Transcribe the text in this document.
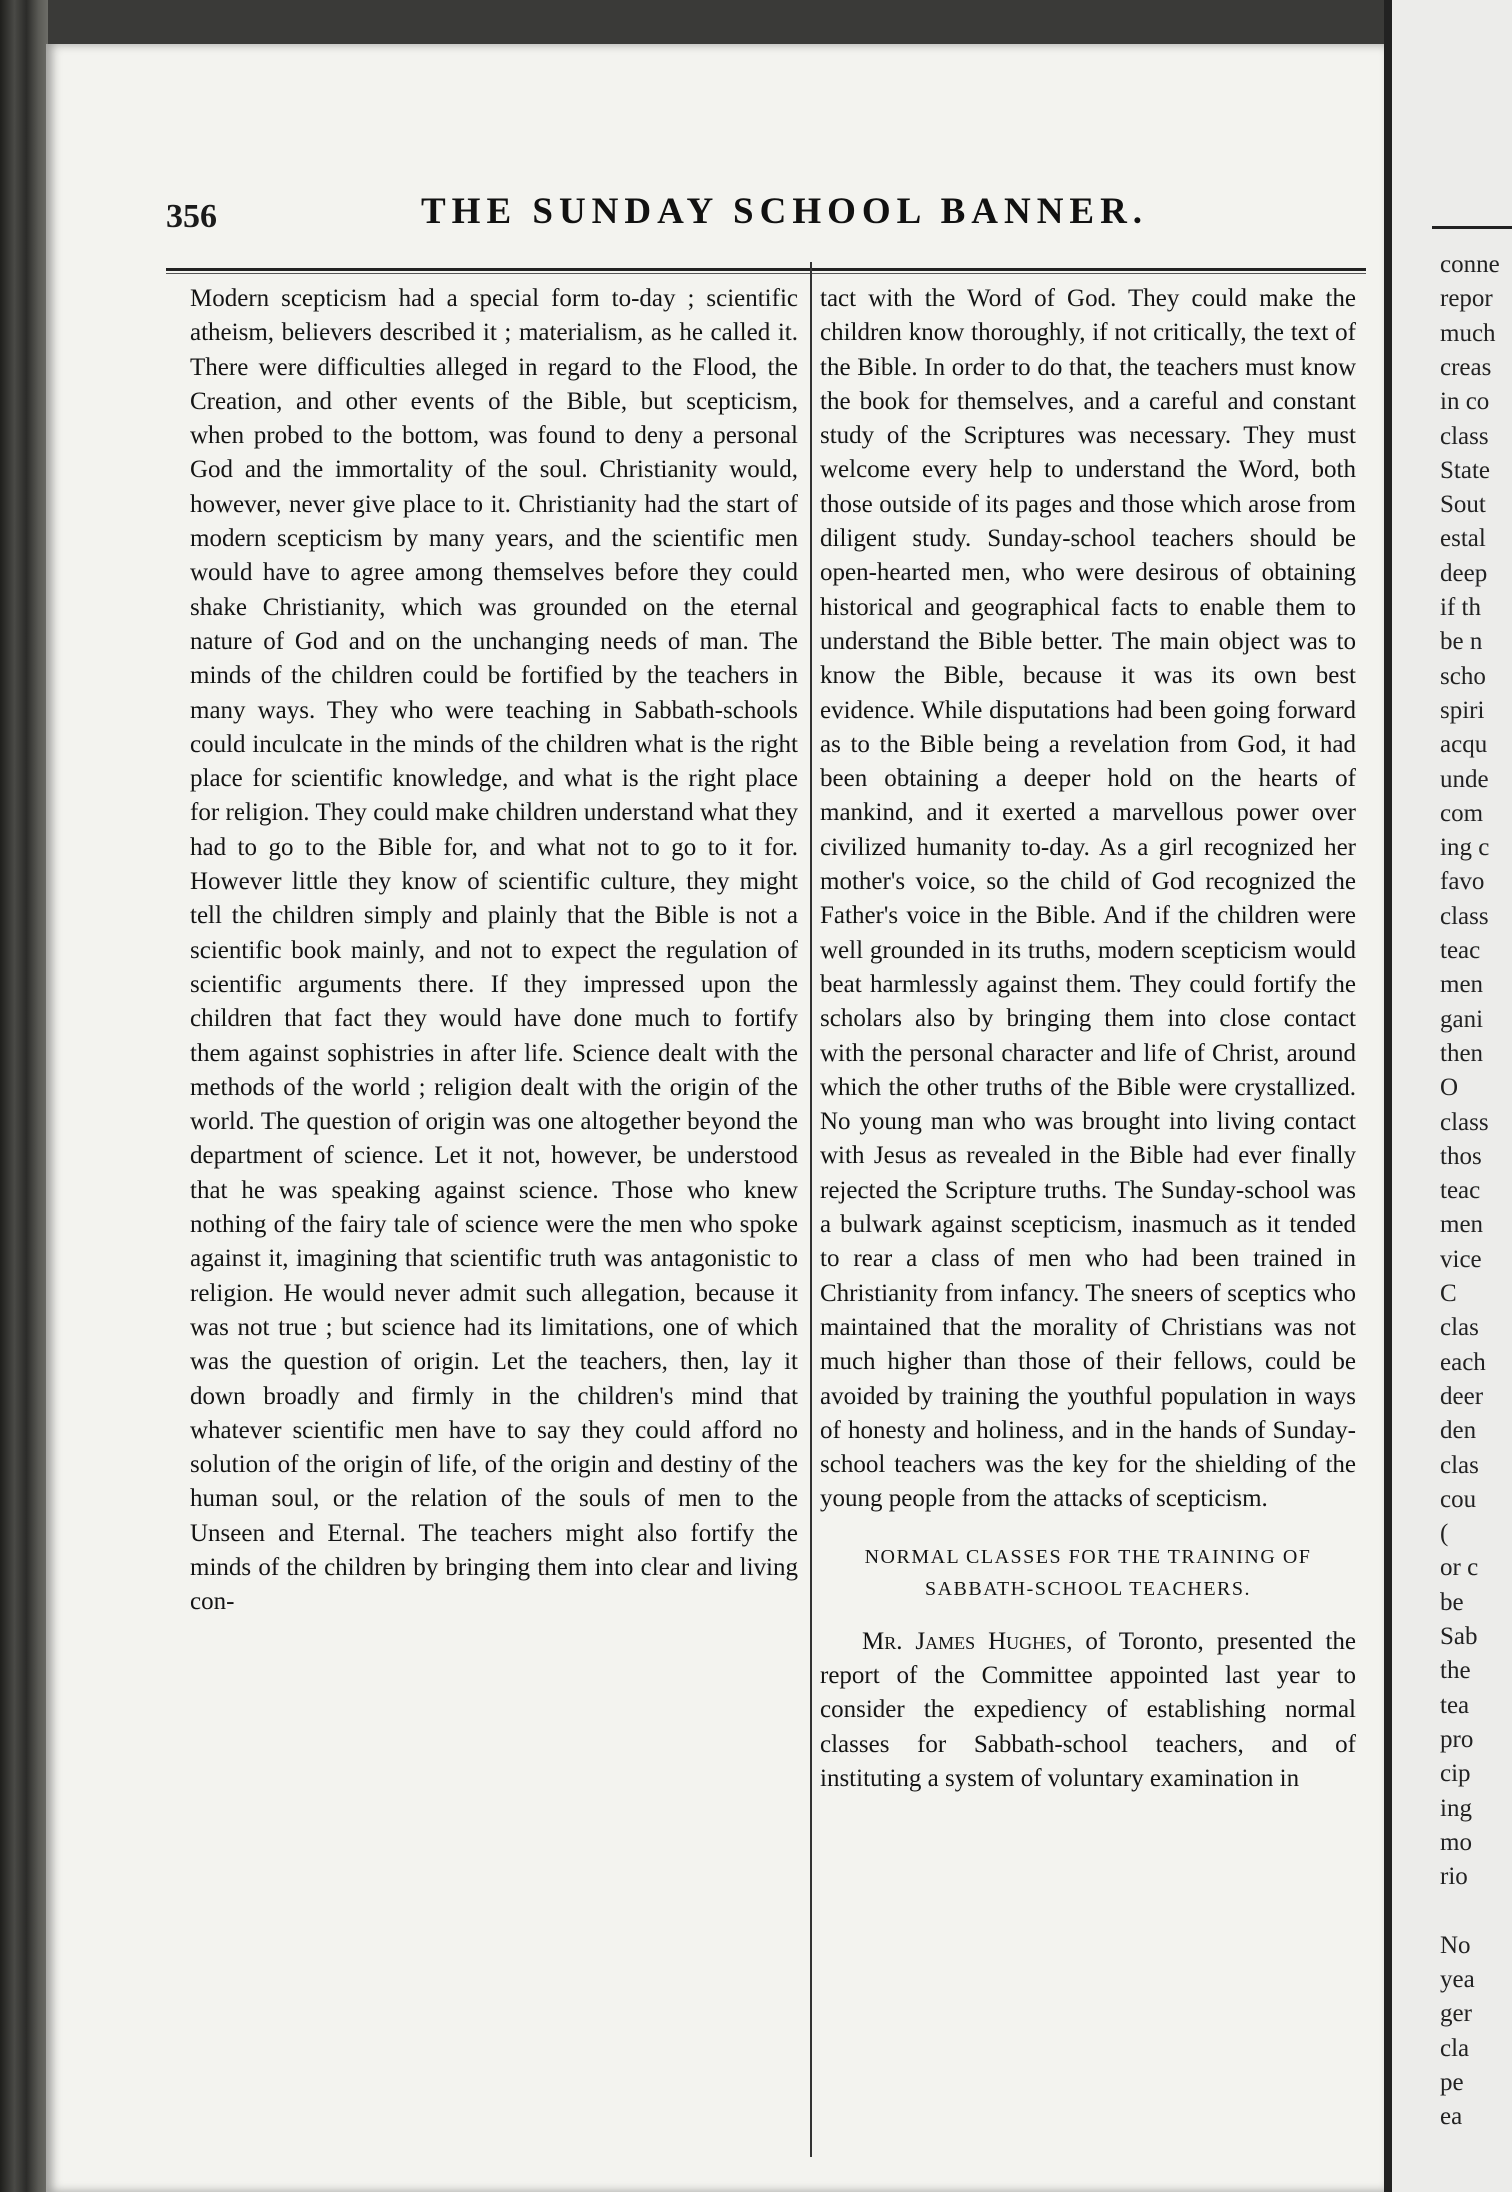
356	THE SUNDAY SCHOOL BANNER.

Modern scepticism had a special form to-day ; scientific atheism, believers described it ; materialism, as he called it. There were difficulties alleged in regard to the Flood, the Creation, and other events of the Bible, but scepticism, when probed to the bottom, was found to deny a personal God and the immortality of the soul. Christianity would, however, never give place to it. Christianity had the start of modern scepticism by many years, and the scientific men would have to agree among themselves before they could shake Christianity, which was grounded on the eternal nature of God and on the unchanging needs of man. The minds of the children could be fortified by the teachers in many ways. They who were teaching in Sabbath-schools could inculcate in the minds of the children what is the right place for scientific knowledge, and what is the right place for religion. They could make children understand what they had to go to the Bible for, and what not to go to it for. However little they know of scientific culture, they might tell the children simply and plainly that the Bible is not a scientific book mainly, and not to expect the regulation of scientific arguments there. If they impressed upon the children that fact they would have done much to fortify them against sophistries in after life. Science dealt with the methods of the world ; religion dealt with the origin of the world. The question of origin was one altogether beyond the department of science. Let it not, however, be understood that he was speaking against science. Those who knew nothing of the fairy tale of science were the men who spoke against it, imagining that scientific truth was antagonistic to religion. He would never admit such allegation, because it was not true ; but science had its limitations, one of which was the question of origin. Let the teachers, then, lay it down broadly and firmly in the children's mind that whatever scientific men have to say they could afford no solution of the origin of life, of the origin and destiny of the human soul, or the relation of the souls of men to the Unseen and Eternal. The teachers might also fortify the minds of the children by bringing them into clear and living con-

tact with the Word of God. They could make the children know thoroughly, if not critically, the text of the Bible. In order to do that, the teachers must know the book for themselves, and a careful and constant study of the Scriptures was necessary. They must welcome every help to understand the Word, both those outside of its pages and those which arose from diligent study. Sunday-school teachers should be open-hearted men, who were desirous of obtaining historical and geographical facts to enable them to understand the Bible better. The main object was to know the Bible, because it was its own best evidence. While disputations had been going forward as to the Bible being a revelation from God, it had been obtaining a deeper hold on the hearts of mankind, and it exerted a marvellous power over civilized humanity to-day. As a girl recognized her mother's voice, so the child of God recognized the Father's voice in the Bible. And if the children were well grounded in its truths, modern scepticism would beat harmlessly against them. They could fortify the scholars also by bringing them into close contact with the personal character and life of Christ, around which the other truths of the Bible were crystallized. No young man who was brought into living contact with Jesus as revealed in the Bible had ever finally rejected the Scripture truths. The Sunday-school was a bulwark against scepticism, inasmuch as it tended to rear a class of men who had been trained in Christianity from infancy. The sneers of sceptics who maintained that the morality of Christians was not much higher than those of their fellows, could be avoided by training the youthful population in ways of honesty and holiness, and in the hands of Sunday-school teachers was the key for the shielding of the young people from the attacks of scepticism.

NORMAL CLASSES FOR THE TRAINING OF
SABBATH-SCHOOL TEACHERS.

Mr. James Hughes, of Toronto, presented the report of the Committee appointed last year to consider the expediency of establishing normal classes for Sabbath-school teachers, and of instituting a system of voluntary examination in

conne
repor
much
creas
in co
class
State
Sout
estal
deep
if th
be n
scho
spiri
acqu
unde
com
ing c
favo
class
teac
men
gani
then
O
class
thos
teac
men
vice
C
clas
each
deer
den
clas
cou
(
or c
be
Sab
the
tea
pro
cip
ing
mo
rio
No
yea
ger
cla
pe
ea
